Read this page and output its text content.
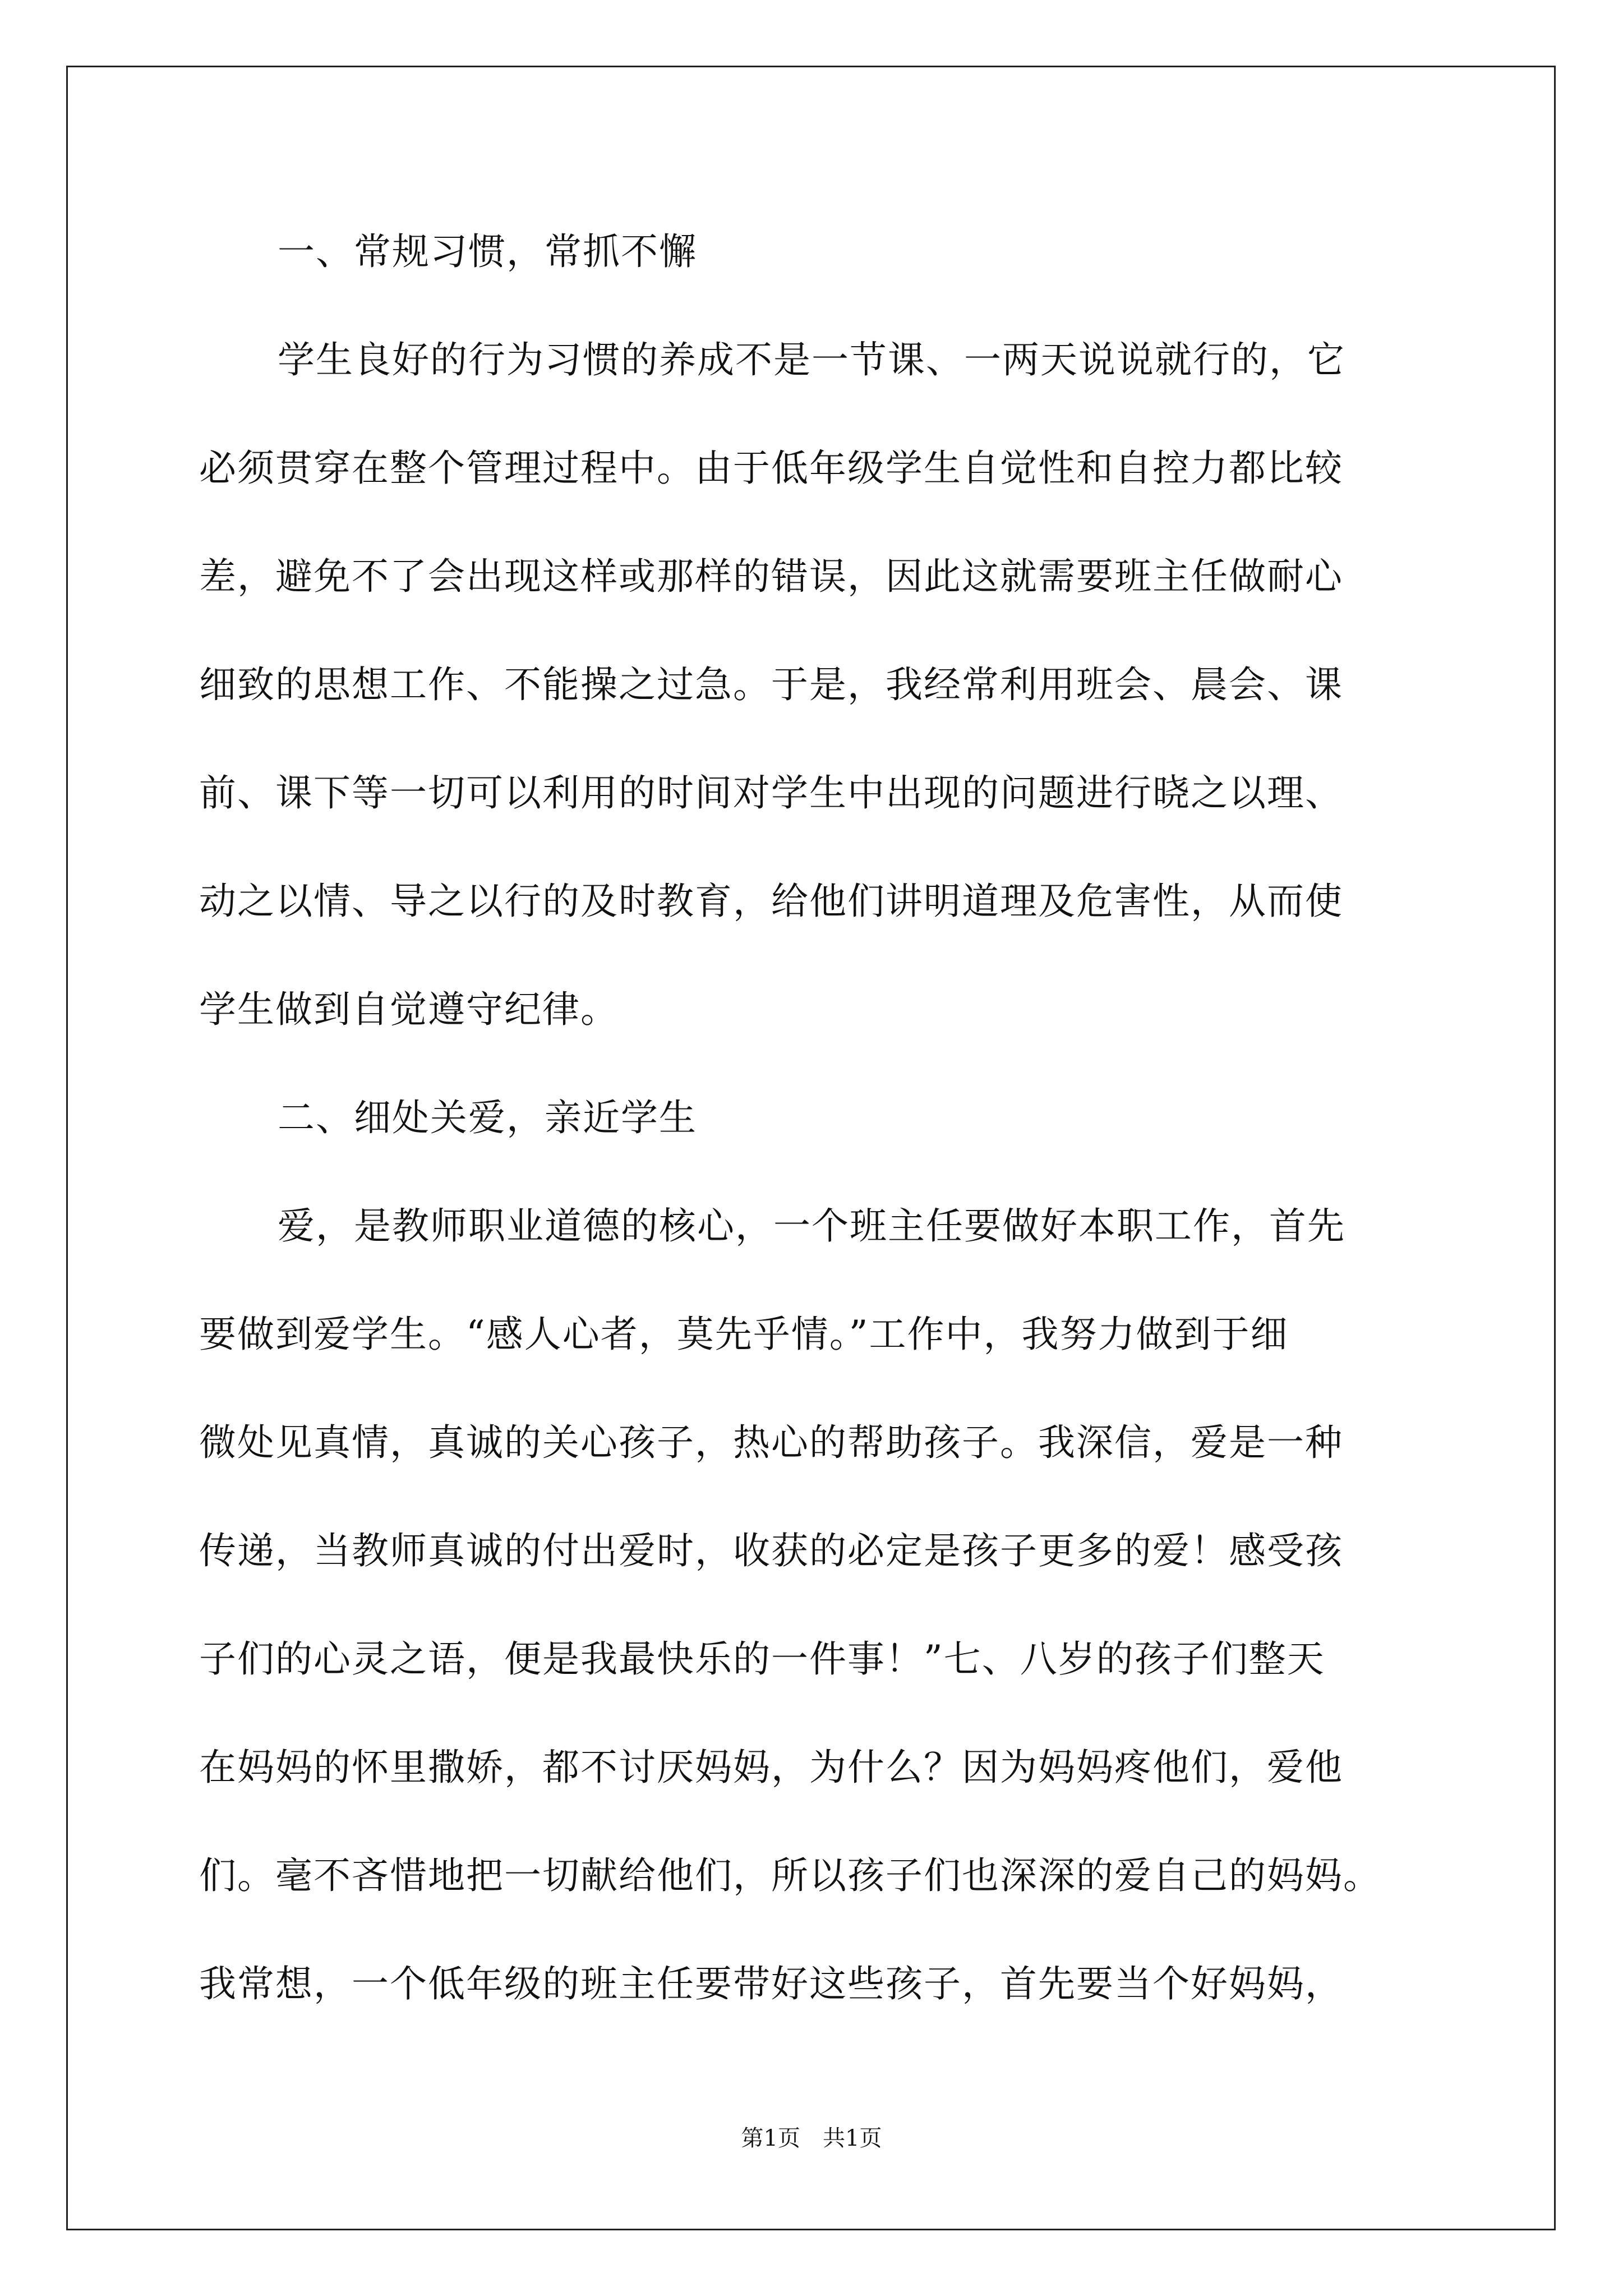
一、常规习惯，常抓不懈
学生良好的行为习惯的养成不是一节课、一两天说说就行的，它
必须贯穿在整个管理过程中。由于低年级学生自觉性和自控力都比较
差，避免不了会出现这样或那样的错误，因此这就需要班主任做耐心
细致的思想工作、不能操之过急。于是，我经常利用班会、晨会、课
前、课下等一切可以利用的时间对学生中出现的问题进行晓之以理、
动之以情、导之以行的及时教育，给他们讲明道理及危害性，从而使
学生做到自觉遵守纪律。
二、细处关爱，亲近学生
爱，是教师职业道德的核心，一个班主任要做好本职工作，首先
要做到爱学生。“感人心者，莫先乎情。”工作中，我努力做到于细
微处见真情，真诚的关心孩子，热心的帮助孩子。我深信，爱是一种
传递，当教师真诚的付出爱时，收获的必定是孩子更多的爱！感受孩
子们的心灵之语，便是我最快乐的一件事！”七、八岁的孩子们整天
在妈妈的怀里撒娇，都不讨厌妈妈，为什么？因为妈妈疼他们，爱他
们。毫不吝惜地把一切献给他们，所以孩子们也深深的爱自己的妈妈。
我常想，一个低年级的班主任要带好这些孩子，首先要当个好妈妈，
第1页　共1页
